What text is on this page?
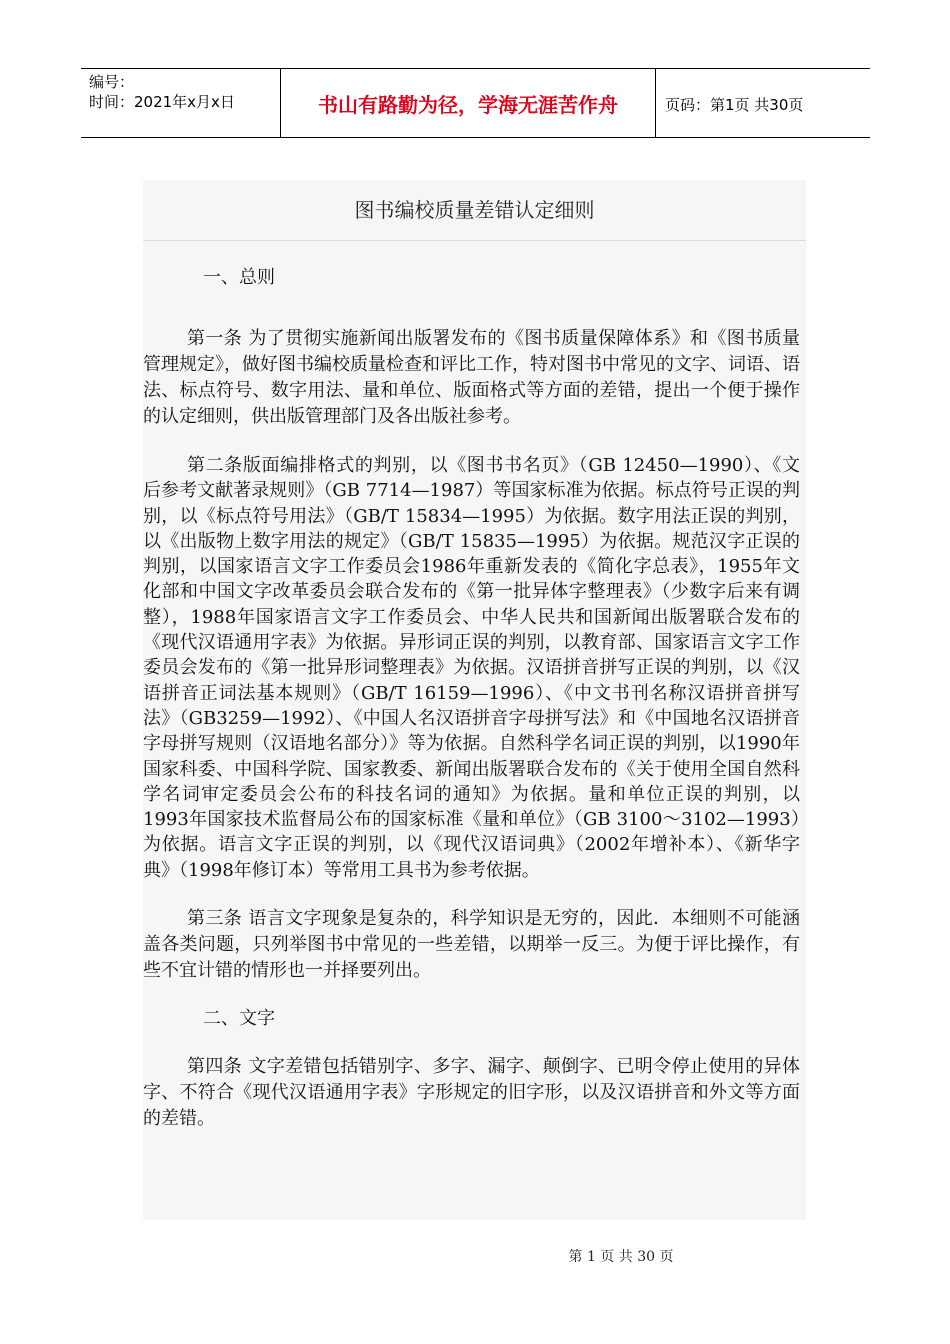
编号：
时间：2021年x月x日	书山有路勤为径，学海无涯苦作舟	页码：第1页 共30页
图书编校质量差错认定细则
一、总则

第一条 为了贯彻实施新闻出版署发布的《图书质量保障体系》和《图书质量管理规定》，做好图书编校质量检查和评比工作，特对图书中常见的文字、词语、语法、标点符号、数字用法、量和单位、版面格式等方面的差错，提出一个便于操作的认定细则，供出版管理部门及各出版社参考。

第二条版面编排格式的判别，以《图书书名页》（GB 12450—1990）、《文后参考文献著录规则》（GB 7714—1987）等国家标准为依据。标点符号正误的判别，以《标点符号用法》（GB/T 15834—1995）为依据。数字用法正误的判别，以《出版物上数字用法的规定》（GB/T 15835—1995）为依据。规范汉字正误的判别，以国家语言文字工作委员会1986年重新发表的《简化字总表》，1955年文化部和中国文字改革委员会联合发布的《第一批异体字整理表》（少数字后来有调整），1988年国家语言文字工作委员会、中华人民共和国新闻出版署联合发布的《现代汉语通用字表》为依据。异形词正误的判别，以教育部、国家语言文字工作委员会发布的《第一批异形词整理表》为依据。汉语拼音拼写正误的判别，以《汉语拼音正词法基本规则》（GB/T 16159—1996）、《中文书刊名称汉语拼音拼写法》（GB3259—1992）、《中国人名汉语拼音字母拼写法》和《中国地名汉语拼音字母拼写规则（汉语地名部分）》等为依据。自然科学名词正误的判别，以1990年国家科委、中国科学院、国家教委、新闻出版署联合发布的《关于使用全国自然科学名词审定委员会公布的科技名词的通知》为依据。量和单位正误的判别，以1993年国家技术监督局公布的国家标准《量和单位》（GB 3100～3102—1993）为依据。语言文字正误的判别，以《现代汉语词典》（2002年增补本）、《新华字典》（1998年修订本）等常用工具书为参考依据。

第三条 语言文字现象是复杂的，科学知识是无穷的，因此．本细则不可能涵盖各类问题，只列举图书中常见的一些差错，以期举一反三。为便于评比操作，有些不宜计错的情形也一并择要列出。

二、文字

第四条 文字差错包括错别字、多字、漏字、颠倒字、已明令停止使用的异体字、不符合《现代汉语通用字表》字形规定的旧字形，以及汉语拼音和外文等方面的差错。

第 1 页 共 30 页
